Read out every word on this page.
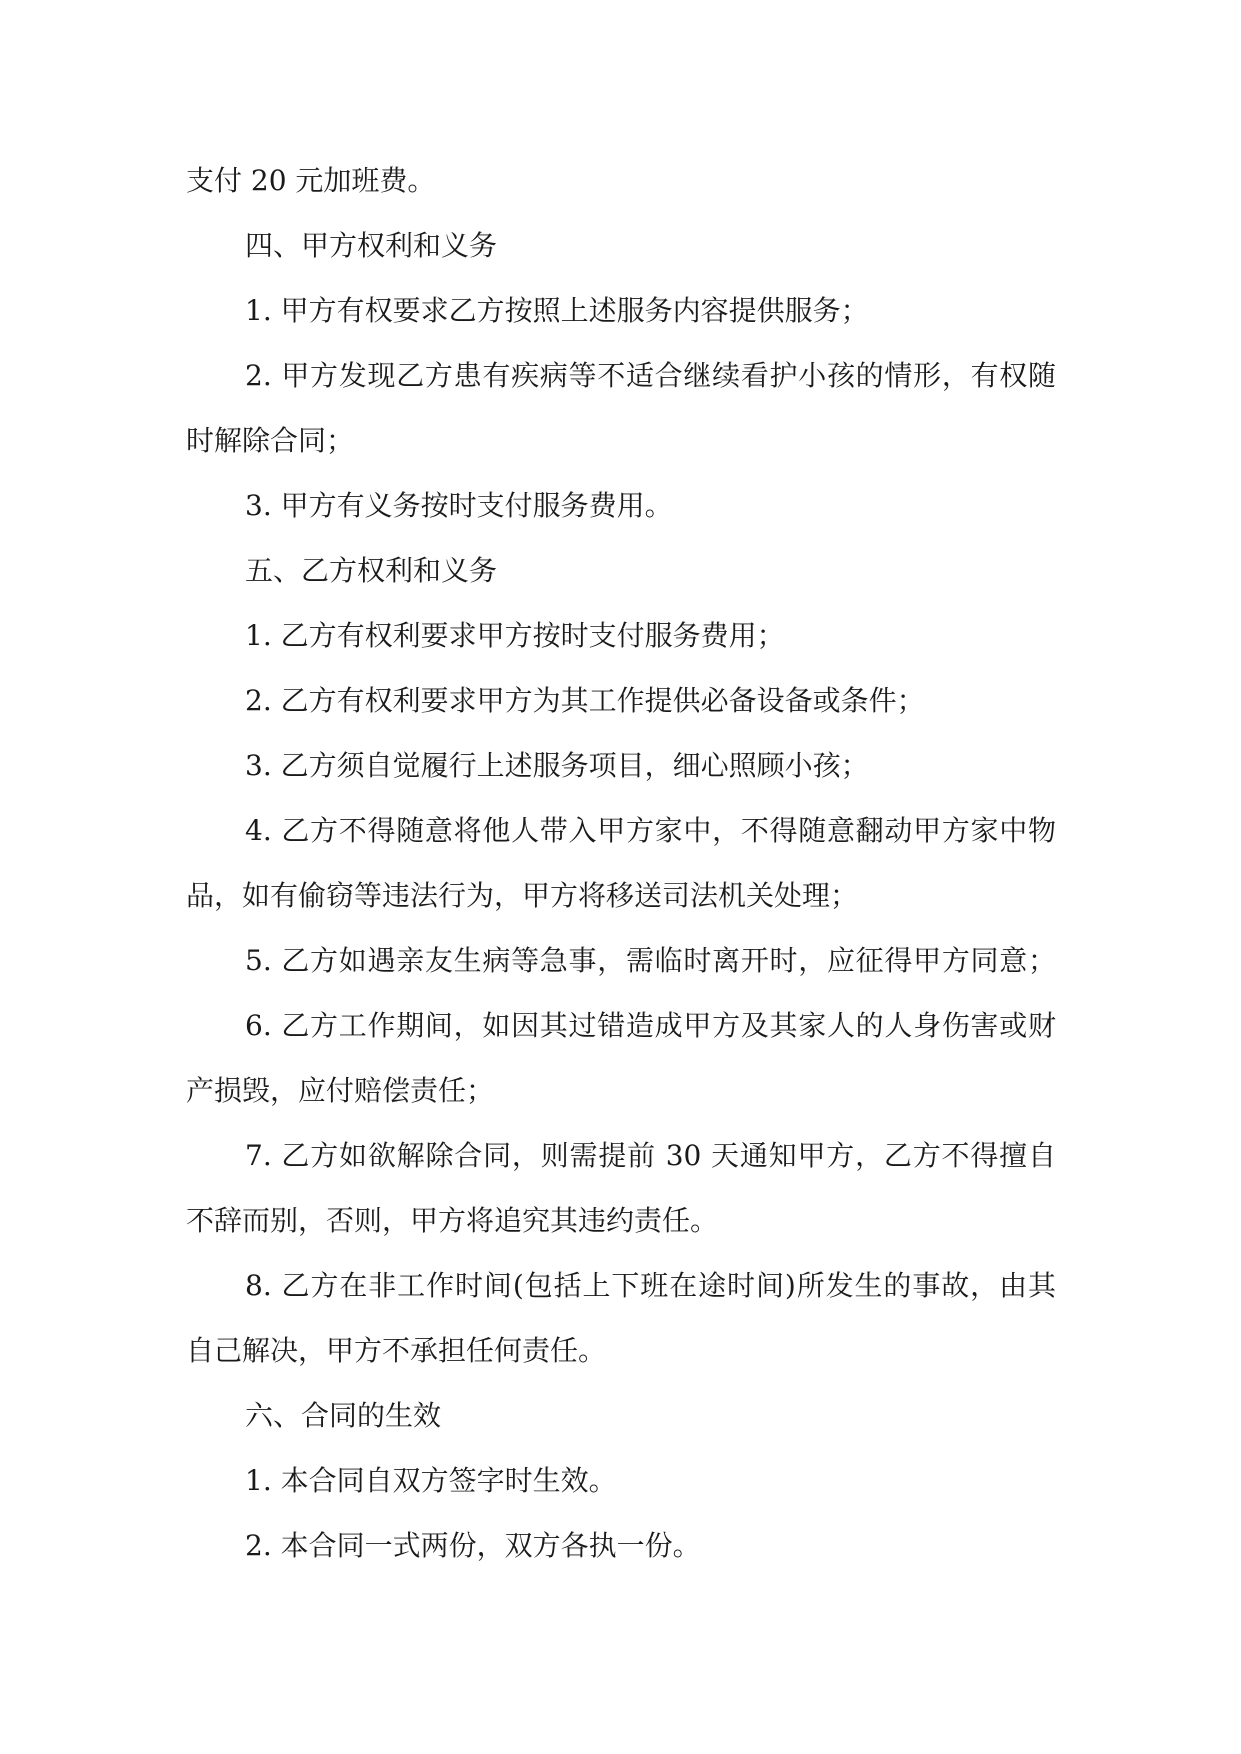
支付 20 元加班费。

四、甲方权利和义务

1. 甲方有权要求乙方按照上述服务内容提供服务；

2. 甲方发现乙方患有疾病等不适合继续看护小孩的情形，有权随

时解除合同；

3. 甲方有义务按时支付服务费用。

五、乙方权利和义务

1. 乙方有权利要求甲方按时支付服务费用；

2. 乙方有权利要求甲方为其工作提供必备设备或条件；

3. 乙方须自觉履行上述服务项目，细心照顾小孩；

4. 乙方不得随意将他人带入甲方家中，不得随意翻动甲方家中物

品，如有偷窃等违法行为，甲方将移送司法机关处理；

5. 乙方如遇亲友生病等急事，需临时离开时，应征得甲方同意；

6. 乙方工作期间，如因其过错造成甲方及其家人的人身伤害或财

产损毁，应付赔偿责任；

7. 乙方如欲解除合同，则需提前 30 天通知甲方，乙方不得擅自

不辞而别，否则，甲方将追究其违约责任。

8. 乙方在非工作时间(包括上下班在途时间)所发生的事故，由其

自己解决，甲方不承担任何责任。

六、合同的生效

1. 本合同自双方签字时生效。

2. 本合同一式两份，双方各执一份。
